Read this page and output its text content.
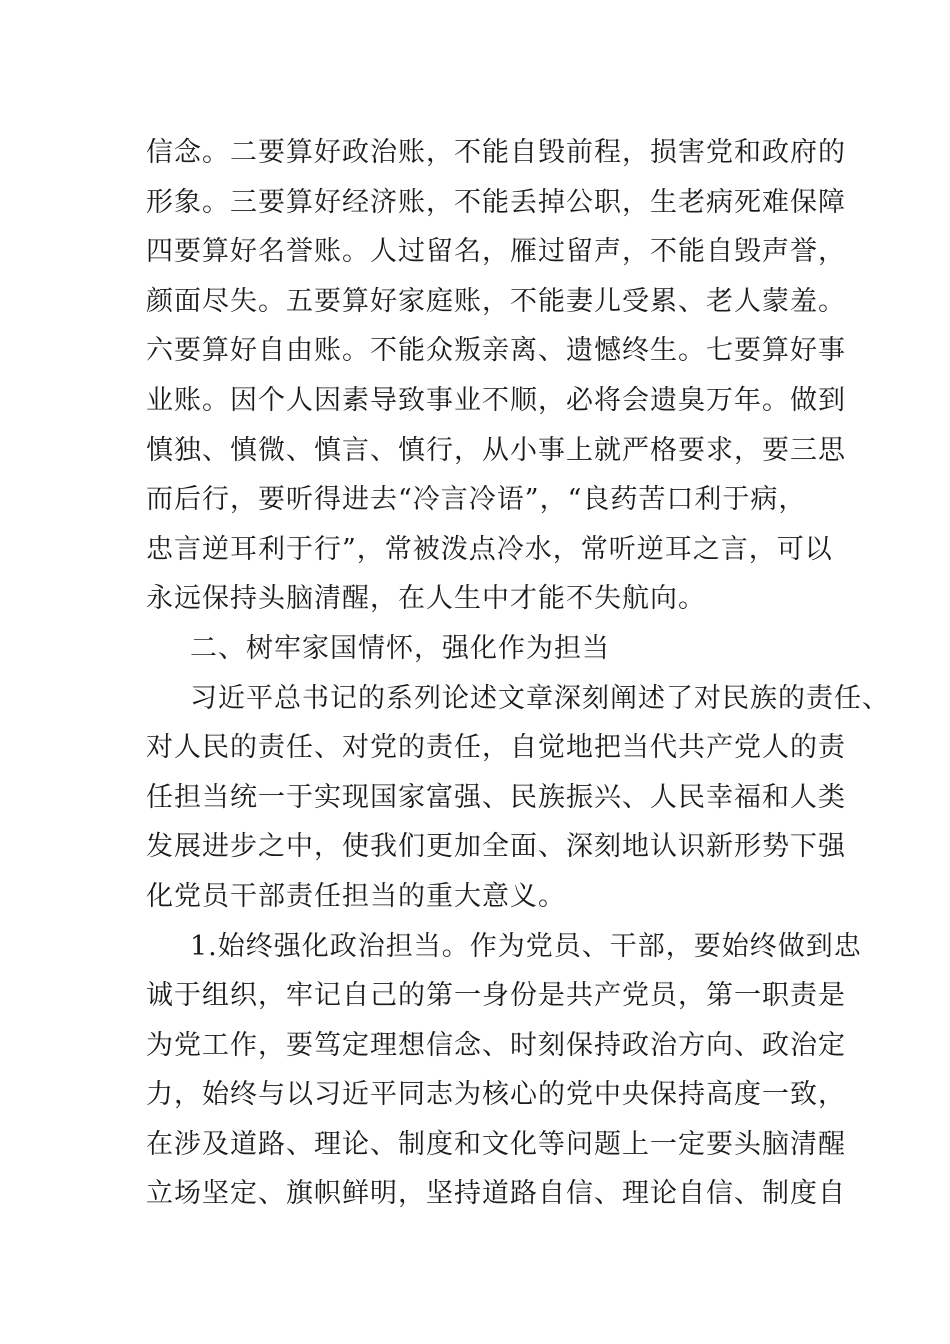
信念。二要算好政治账，不能自毁前程，损害党和政府的
形象。三要算好经济账，不能丢掉公职，生老病死难保障
四要算好名誉账。人过留名，雁过留声，不能自毁声誉，
颜面尽失。五要算好家庭账，不能妻儿受累、老人蒙羞。
六要算好自由账。不能众叛亲离、遗憾终生。七要算好事
业账。因个人因素导致事业不顺，必将会遗臭万年。做到
慎独、慎微、慎言、慎行，从小事上就严格要求，要三思
而后行，要听得进去“冷言冷语”，“良药苦口利于病，
忠言逆耳利于行”，常被泼点冷水，常听逆耳之言，可以
永远保持头脑清醒，在人生中才能不失航向。
二、树牢家国情怀，强化作为担当
习近平总书记的系列论述文章深刻阐述了对民族的责任、
对人民的责任、对党的责任，自觉地把当代共产党人的责
任担当统一于实现国家富强、民族振兴、人民幸福和人类
发展进步之中，使我们更加全面、深刻地认识新形势下强
化党员干部责任担当的重大意义。
1.始终强化政治担当。作为党员、干部，要始终做到忠
诚于组织，牢记自己的第一身份是共产党员，第一职责是
为党工作，要笃定理想信念、时刻保持政治方向、政治定
力，始终与以习近平同志为核心的党中央保持高度一致，
在涉及道路、理论、制度和文化等问题上一定要头脑清醒
立场坚定、旗帜鲜明，坚持道路自信、理论自信、制度自
